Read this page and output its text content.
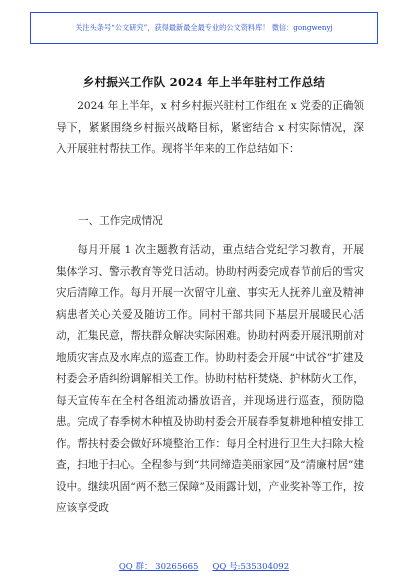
关注头条号“公文研究”，获得最新最全最专业的公文资料库！ 微信：gongwenyj
乡村振兴工作队 2024 年上半年驻村工作总结

2024 年上半年，x 村乡村振兴驻村工作组在 x 党委的正确领导下，紧紧围绕乡村振兴战略目标，紧密结合 x 村实际情况，深入开展驻村帮扶工作。现将半年来的工作总结如下：

一、工作完成情况

每月开展 1 次主题教育活动，重点结合党纪学习教育，开展集体学习、警示教育等党日活动。协助村两委完成春节前后的雪灾灾后清障工作。每月开展一次留守儿童、事实无人抚养儿童及精神病患者关心关爱及随访工作。同村干部共同下基层开展暖民心活动，汇集民意，帮扶群众解决实际困难。协助村两委开展汛期前对地质灾害点及水库点的巡查工作。协助村委会开展“中试谷”扩建及村委会矛盾纠纷调解相关工作。协助村枯杆焚烧、护林防火工作，每天宣传车在全村各组流动播放语音，并现场进行巡查，预防隐患。完成了春季树木种植及协助村委会开展春季复耕地种植安排工作。帮扶村委会做好环境整治工作：每月全村进行卫生大扫除大检查，扫地于扫心。全程参与到“共同缔造美丽家园”及“清廉村居”建设中。继续巩固“两不愁三保障”及雨露计划，产业奖补等工作，按应该享受政

QQ 群： 30265665 QQ 号:535304092
